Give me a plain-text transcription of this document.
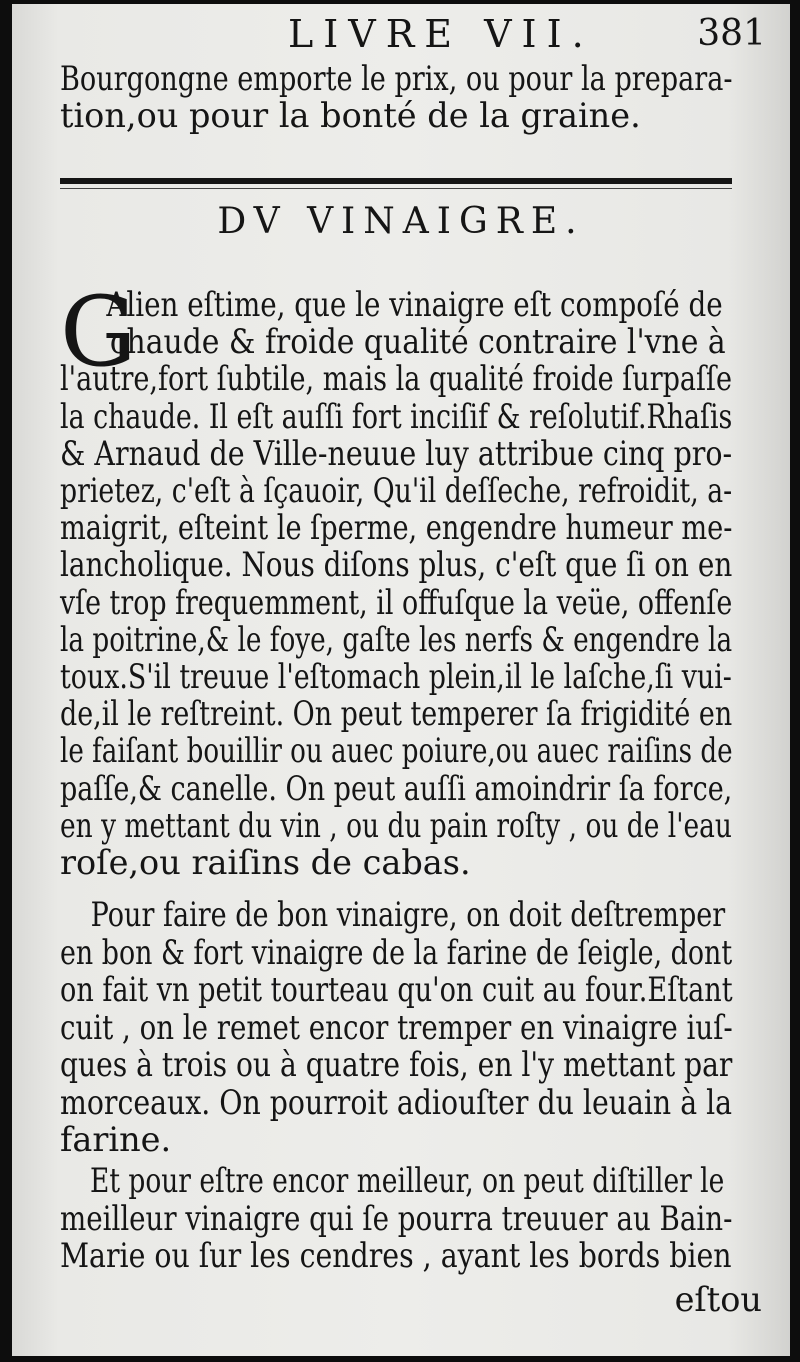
LIVRE VII.	381
Bourgongne emporte le prix, ou pour la prepara-
tion,ou pour la bonté de la graine.
DV VINAIGRE.
G
Alien eſtime, que le vinaigre eſt compoſé de
chaude & froide qualité contraire l'vne à
l'autre,fort ſubtile, mais la qualité froide ſurpaſſe
la chaude. Il eſt auſſi fort inciſif & reſolutif.Rhaſis
& Arnaud de Ville-neuue luy attribue cinq pro-
prietez, c'eſt à ſçauoir, Qu'il deſſeche, refroidit, a-
maigrit, eſteint le ſperme, engendre humeur me-
lancholique. Nous diſons plus, c'eſt que ſi on en
vſe trop frequemment, il offuſque la veüe, offenſe
la poitrine,& le foye, gaſte les nerfs & engendre la
toux.S'il treuue l'eſtomach plein,il le laſche,ſi vui-
de,il le reſtreint. On peut temperer ſa frigidité en
le faiſant bouillir ou auec poiure,ou auec raiſins de
paſſe,& canelle. On peut auſſi amoindrir ſa force,
en y mettant du vin , ou du pain roſty , ou de l'eau
roſe,ou raiſins de cabas.
Pour faire de bon vinaigre, on doit deſtremper
en bon & fort vinaigre de la farine de ſeigle, dont
on fait vn petit tourteau qu'on cuit au four.Eſtant
cuit , on le remet encor tremper en vinaigre iuſ-
ques à trois ou à quatre fois, en l'y mettant par
morceaux. On pourroit adiouſter du leuain à la
farine.
Et pour eſtre encor meilleur, on peut diſtiller le
meilleur vinaigre qui ſe pourra treuuer au Bain-
Marie ou ſur les cendres , ayant les bords bien
eſtou
